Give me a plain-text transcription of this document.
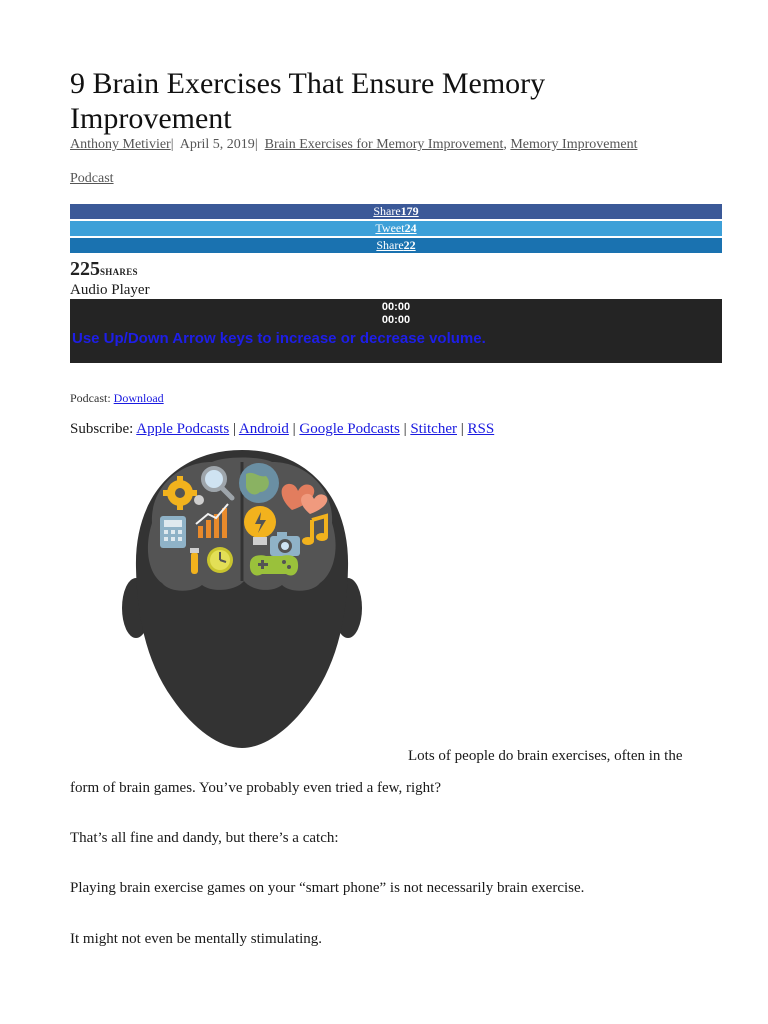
9 Brain Exercises That Ensure Memory Improvement
Anthony Metivier|  April 5, 2019|  Brain Exercises for Memory Improvement, Memory Improvement
Podcast
Share179
Tweet24
Share22
225SHARES
Audio Player
00:00
00:00
Use Up/Down Arrow keys to increase or decrease volume.
Podcast: Download
Subscribe: Apple Podcasts | Android | Google Podcasts | Stitcher | RSS
Lots of people do brain exercises, often in the
form of brain games. You’ve probably even tried a few, right?
That’s all fine and dandy, but there’s a catch:
Playing brain exercise games on your “smart phone” is not necessarily brain exercise.
It might not even be mentally stimulating.
